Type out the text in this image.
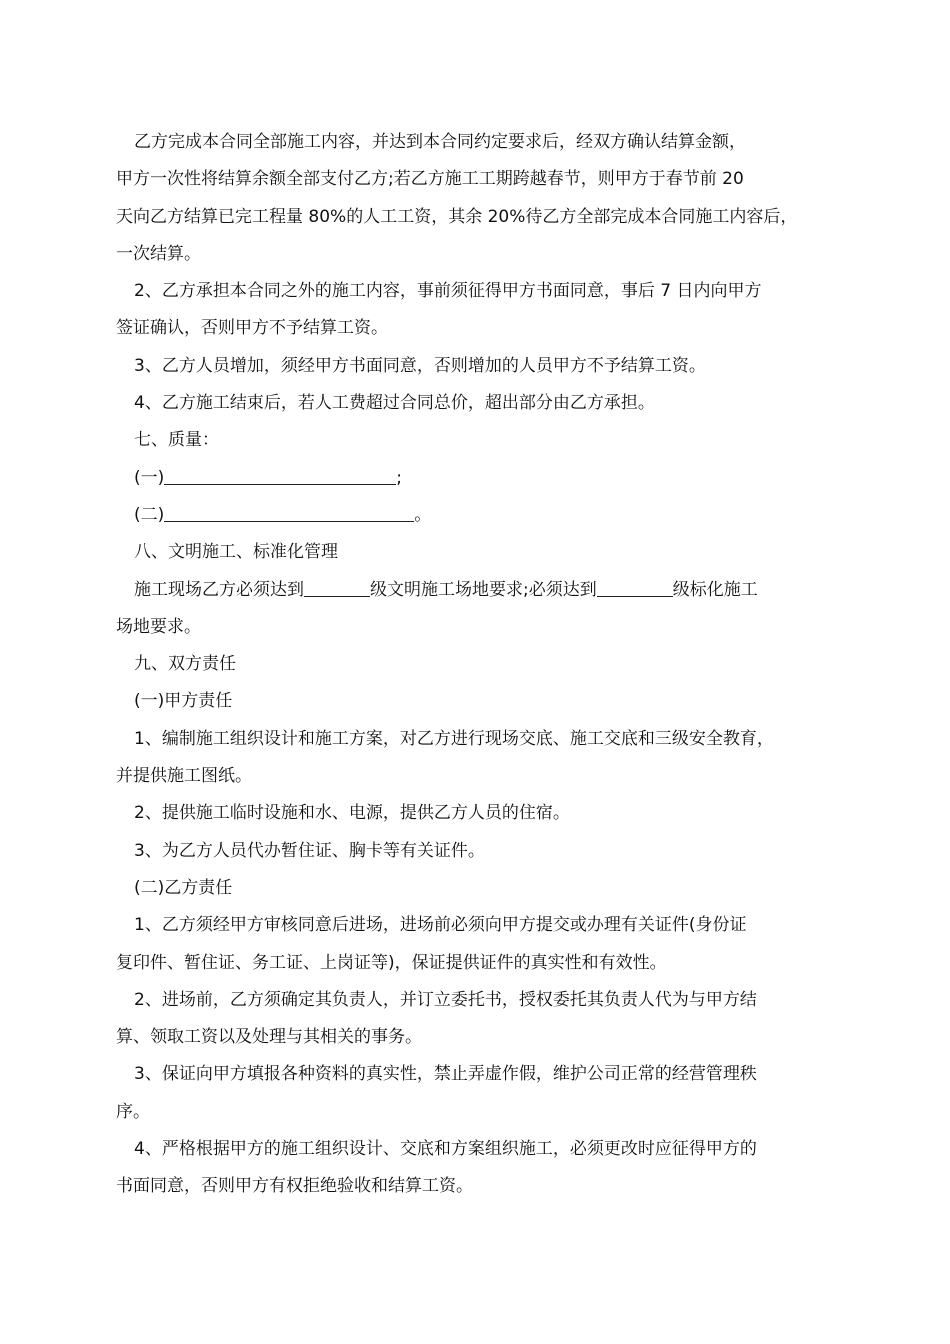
乙方完成本合同全部施工内容，并达到本合同约定要求后，经双方确认结算金额，

甲方一次性将结算余额全部支付乙方;若乙方施工工期跨越春节，则甲方于春节前 20

天向乙方结算已完工程量 80%的人工工资，其余 20%待乙方全部完成本合同施工内容后，

一次结算。

2、乙方承担本合同之外的施工内容，事前须征得甲方书面同意，事后 7 日内向甲方

签证确认，否则甲方不予结算工资。

3、乙方人员增加，须经甲方书面同意，否则增加的人员甲方不予结算工资。

4、乙方施工结束后，若人工费超过合同总价，超出部分由乙方承担。

七、质量：

(一)	;

(二)	。

八、文明施工、标准化管理

施工现场乙方必须达到	级文明施工场地要求;必须达到	级标化施工

场地要求。

九、双方责任

(一)甲方责任

1、编制施工组织设计和施工方案，对乙方进行现场交底、施工交底和三级安全教育，

并提供施工图纸。

2、提供施工临时设施和水、电源，提供乙方人员的住宿。

3、为乙方人员代办暂住证、胸卡等有关证件。

(二)乙方责任

1、乙方须经甲方审核同意后进场，进场前必须向甲方提交或办理有关证件(身份证

复印件、暂住证、务工证、上岗证等)，保证提供证件的真实性和有效性。

2、进场前，乙方须确定其负责人，并订立委托书，授权委托其负责人代为与甲方结

算、领取工资以及处理与其相关的事务。

3、保证向甲方填报各种资料的真实性，禁止弄虚作假，维护公司正常的经营管理秩

序。

4、严格根据甲方的施工组织设计、交底和方案组织施工，必须更改时应征得甲方的

书面同意，否则甲方有权拒绝验收和结算工资。
